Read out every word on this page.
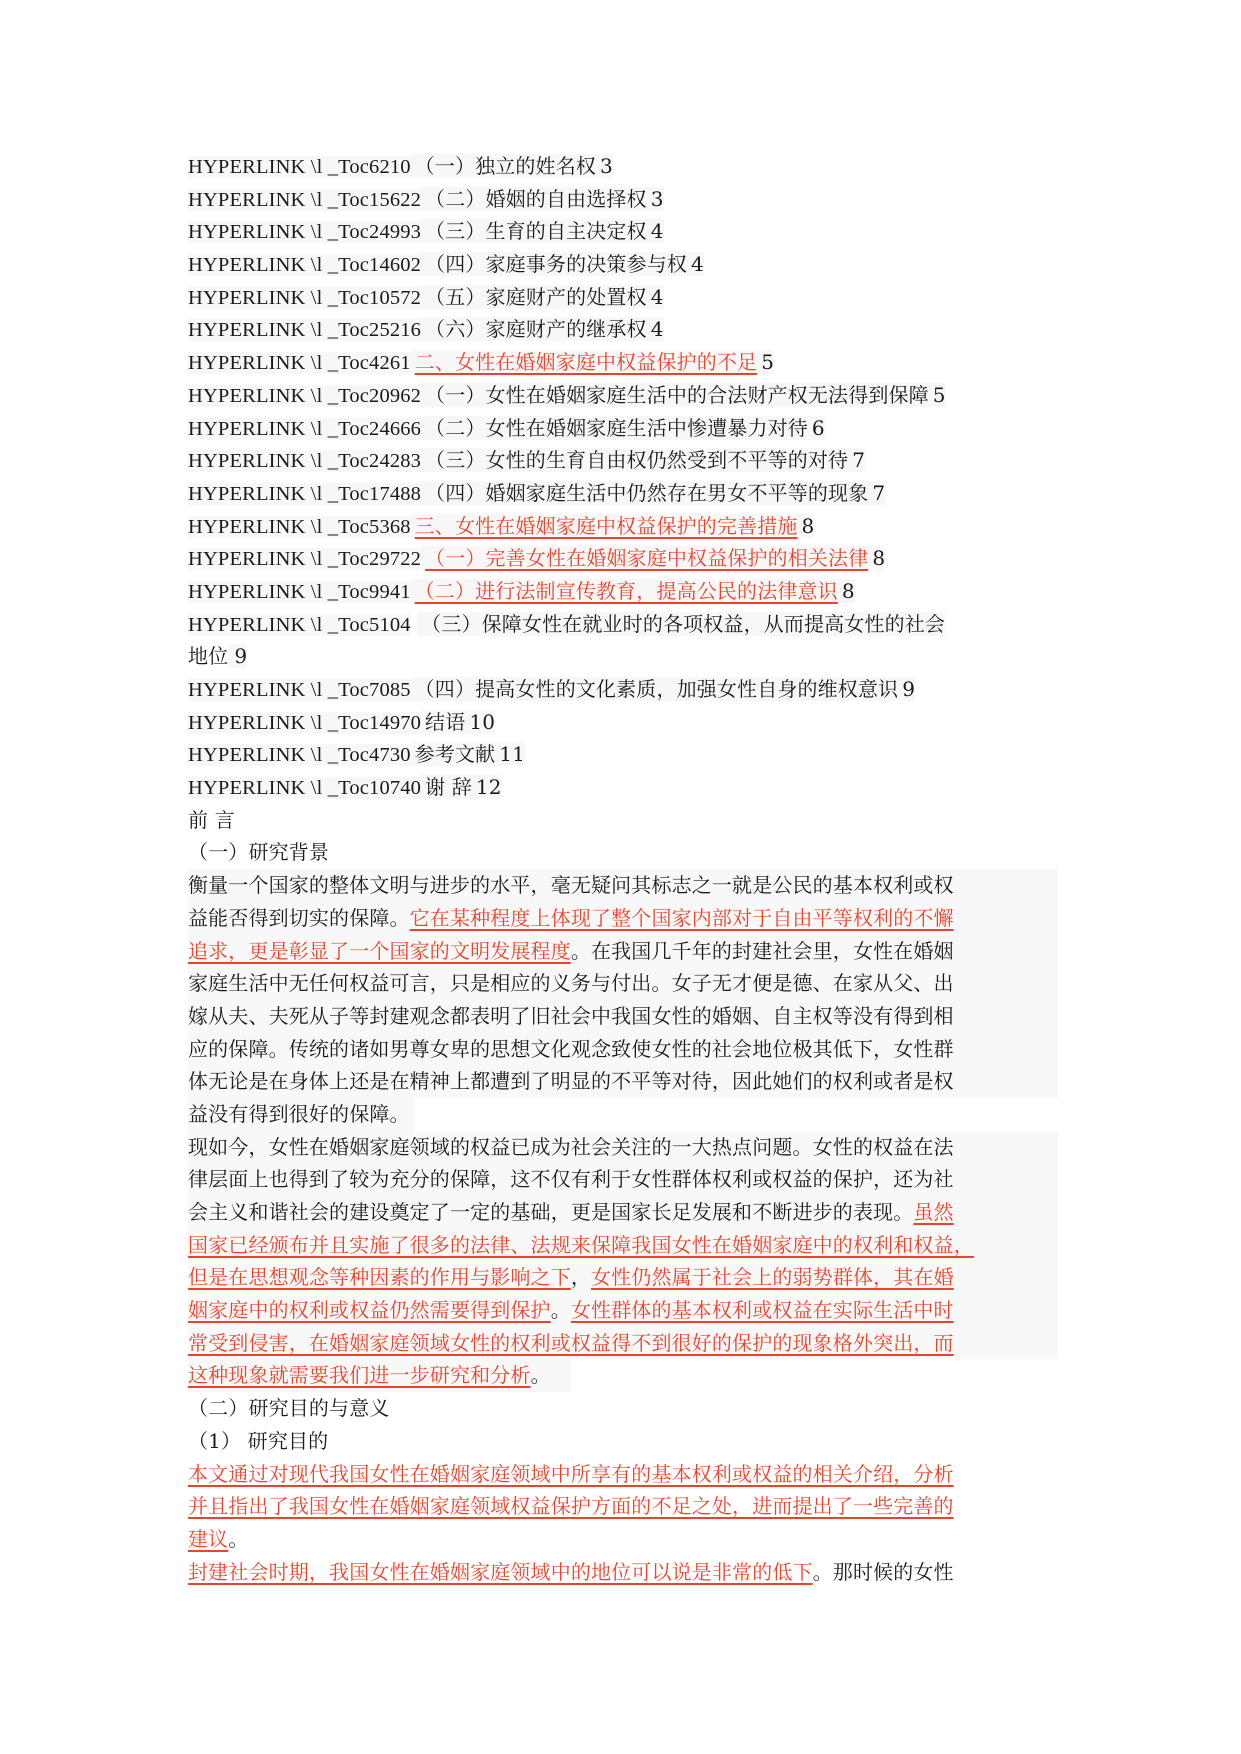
HYPERLINK \l _Toc6210 （一）独立的姓名权 3
HYPERLINK \l _Toc15622 （二）婚姻的自由选择权 3
HYPERLINK \l _Toc24993 （三）生育的自主决定权 4
HYPERLINK \l _Toc14602 （四）家庭事务的决策参与权 4
HYPERLINK \l _Toc10572 （五）家庭财产的处置权 4
HYPERLINK \l _Toc25216 （六）家庭财产的继承权 4
HYPERLINK \l _Toc4261 二、女性在婚姻家庭中权益保护的不足 5
HYPERLINK \l _Toc20962 （一）女性在婚姻家庭生活中的合法财产权无法得到保障 5
HYPERLINK \l _Toc24666 （二）女性在婚姻家庭生活中惨遭暴力对待 6
HYPERLINK \l _Toc24283 （三）女性的生育自由权仍然受到不平等的对待 7
HYPERLINK \l _Toc17488 （四）婚姻家庭生活中仍然存在男女不平等的现象 7
HYPERLINK \l _Toc5368 三、女性在婚姻家庭中权益保护的完善措施 8
HYPERLINK \l _Toc29722 （一）完善女性在婚姻家庭中权益保护的相关法律 8
HYPERLINK \l _Toc9941 （二）进行法制宣传教育，提高公民的法律意识 8
HYPERLINK \l _Toc5104 （三）保障女性在就业时的各项权益，从而提高女性的社会
地位 9
HYPERLINK \l _Toc7085 （四）提高女性的文化素质，加强女性自身的维权意识 9
HYPERLINK \l _Toc14970 结语 10
HYPERLINK \l _Toc4730 参考文献 11
HYPERLINK \l _Toc10740 谢 辞 12
前 言
（一）研究背景
衡量一个国家的整体文明与进步的水平，毫无疑问其标志之一就是公民的基本权利或权
益能否得到切实的保障。它在某种程度上体现了整个国家内部对于自由平等权利的不懈
追求，更是彰显了一个国家的文明发展程度。在我国几千年的封建社会里，女性在婚姻
家庭生活中无任何权益可言，只是相应的义务与付出。女子无才便是德、在家从父、出
嫁从夫、夫死从子等封建观念都表明了旧社会中我国女性的婚姻、自主权等没有得到相
应的保障。传统的诸如男尊女卑的思想文化观念致使女性的社会地位极其低下，女性群
体无论是在身体上还是在精神上都遭到了明显的不平等对待，因此她们的权利或者是权
益没有得到很好的保障。
现如今，女性在婚姻家庭领域的权益已成为社会关注的一大热点问题。女性的权益在法
律层面上也得到了较为充分的保障，这不仅有利于女性群体权利或权益的保护，还为社
会主义和谐社会的建设奠定了一定的基础，更是国家长足发展和不断进步的表现。虽然
国家已经颁布并且实施了很多的法律、法规来保障我国女性在婚姻家庭中的权利和权益，
但是在思想观念等种因素的作用与影响之下，女性仍然属于社会上的弱势群体，其在婚
姻家庭中的权利或权益仍然需要得到保护。女性群体的基本权利或权益在实际生活中时
常受到侵害，在婚姻家庭领域女性的权利或权益得不到很好的保护的现象格外突出，而
这种现象就需要我们进一步研究和分析。
（二）研究目的与意义
（1） 研究目的
本文通过对现代我国女性在婚姻家庭领域中所享有的基本权利或权益的相关介绍，分析
并且指出了我国女性在婚姻家庭领域权益保护方面的不足之处，进而提出了一些完善的
建议。
封建社会时期，我国女性在婚姻家庭领域中的地位可以说是非常的低下。那时候的女性
